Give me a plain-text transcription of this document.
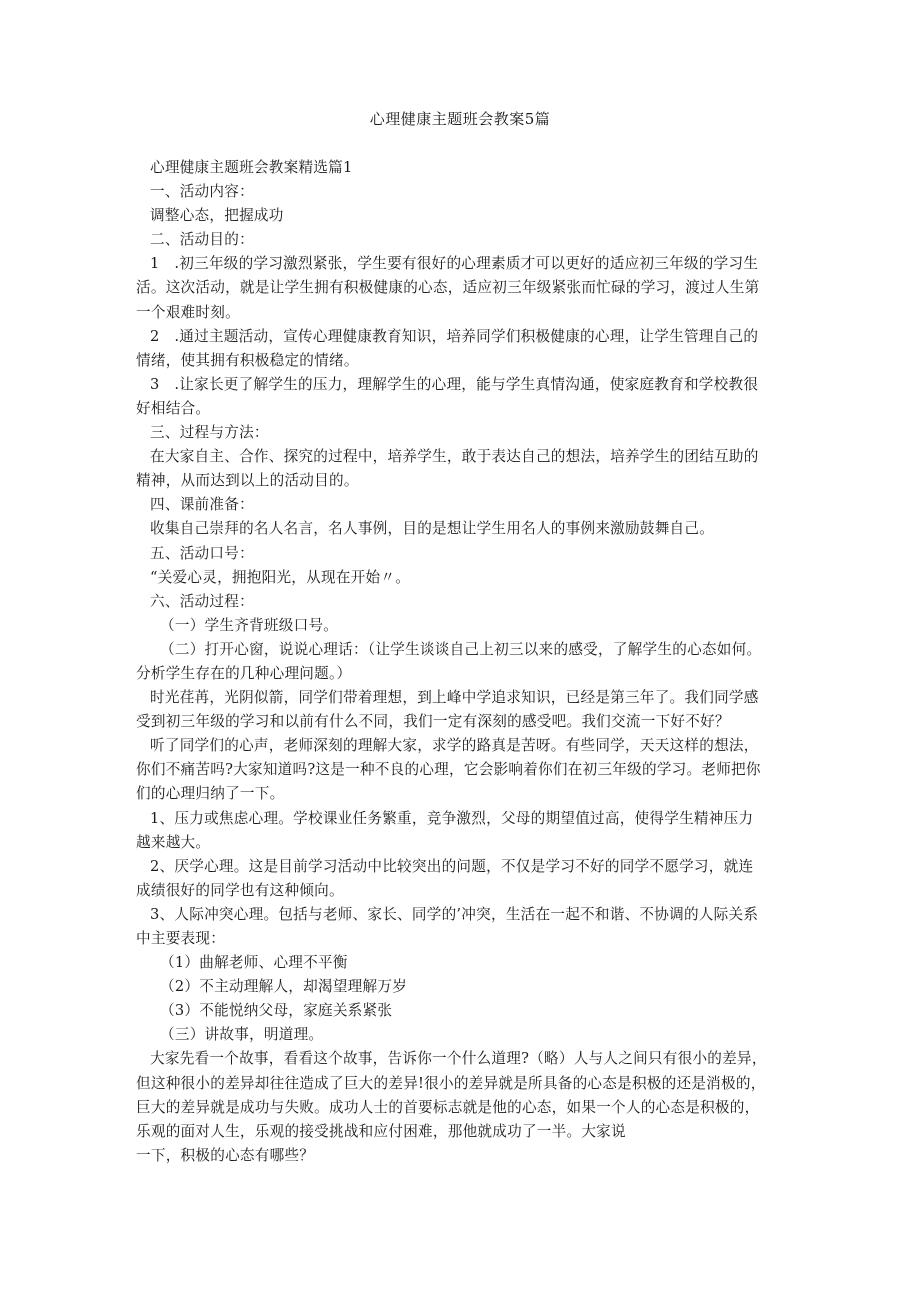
心理健康主题班会教案5篇

心理健康主题班会教案精选篇1

一、活动内容：

调整心态，把握成功

二、活动目的：

1　.初三年级的学习激烈紧张，学生要有很好的心理素质才可以更好的适应初三年级的学习生

活。这次活动，就是让学生拥有积极健康的心态，适应初三年级紧张而忙碌的学习，渡过人生第

一个艰难时刻。

2　.通过主题活动，宣传心理健康教育知识，培养同学们积极健康的心理，让学生管理自己的

情绪，使其拥有积极稳定的情绪。

3　.让家长更了解学生的压力，理解学生的心理，能与学生真情沟通，使家庭教育和学校教很

好相结合。

三、过程与方法：

在大家自主、合作、探究的过程中，培养学生，敢于表达自己的想法，培养学生的团结互助的

精神，从而达到以上的活动目的。

四、课前准备：

收集自己崇拜的名人名言，名人事例，目的是想让学生用名人的事例来激励鼓舞自己。

五、活动口号：

“关爱心灵，拥抱阳光，从现在开始〃。

六、活动过程：

（一）学生齐背班级口号。

（二）打开心窗，说说心理话：（让学生谈谈自己上初三以来的感受，了解学生的心态如何。

分析学生存在的几种心理问题。）

时光荏苒，光阴似箭，同学们带着理想，到上峰中学追求知识，已经是第三年了。我们同学感

受到初三年级的学习和以前有什么不同，我们一定有深刻的感受吧。我们交流一下好不好？

听了同学们的心声，老师深刻的理解大家，求学的路真是苦呀。有些同学，天天这样的想法，

你们不痛苦吗?大家知道吗?这是一种不良的心理，它会影响着你们在初三年级的学习。老师把你

们的心理归纳了一下。

1、压力或焦虑心理。学校课业任务繁重，竞争激烈，父母的期望值过高，使得学生精神压力

越来越大。

2、厌学心理。这是目前学习活动中比较突出的问题，不仅是学习不好的同学不愿学习，就连

成绩很好的同学也有这种倾向。

3、人际冲突心理。包括与老师、家长、同学的’冲突，生活在一起不和谐、不协调的人际关系

中主要表现：

（1）曲解老师、心理不平衡

（2）不主动理解人，却渴望理解万岁

（3）不能悦纳父母，家庭关系紧张

（三）讲故事，明道理。

大家先看一个故事，看看这个故事，告诉你一个什么道理?（略）人与人之间只有很小的差异，

但这种很小的差异却往往造成了巨大的差异!很小的差异就是所具备的心态是积极的还是消极的，

巨大的差异就是成功与失败。成功人士的首要标志就是他的心态，如果一个人的心态是积极的，

乐观的面对人生，乐观的接受挑战和应付困难，那他就成功了一半。大家说

一下，积极的心态有哪些？
